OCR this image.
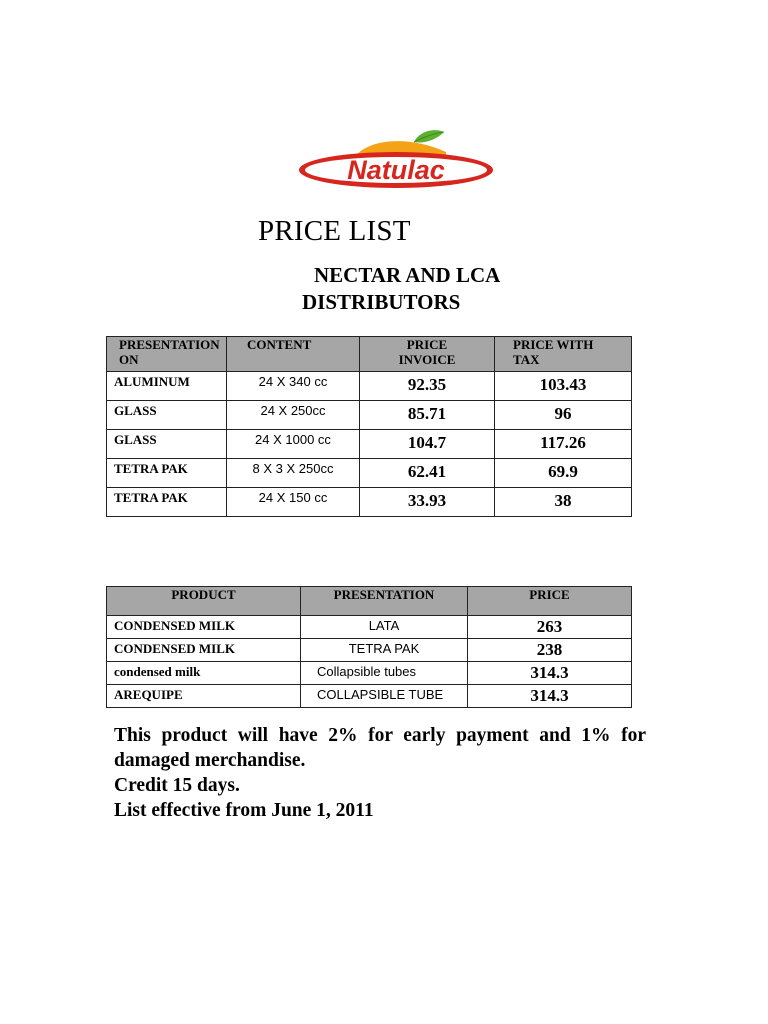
Natulac
PRICE LIST
NECTAR AND LCA
DISTRIBUTORS
PRESENTATION ON	CONTENT	PRICE INVOICE	PRICE WITH TAX

ALUMINUM	24 X 340 cc	92.35	103.43

GLASS	24 X 250cc	85.71	96

GLASS	24 X 1000 cc	104.7	117.26

TETRA PAK	8 X 3 X 250cc	62.41	69.9

TETRA PAK	24 X 150 cc	33.93	38
PRODUCT	PRESENTATION	PRICE

CONDENSED MILK	LATA	263

CONDENSED MILK	TETRA PAK	238

condensed milk	Collapsible tubes	314.3

AREQUIPE	COLLAPSIBLE TUBE	314.3

This product will have 2% for early payment and 1% for

damaged merchandise.

Credit 15 days.

List effective from June 1, 2011
